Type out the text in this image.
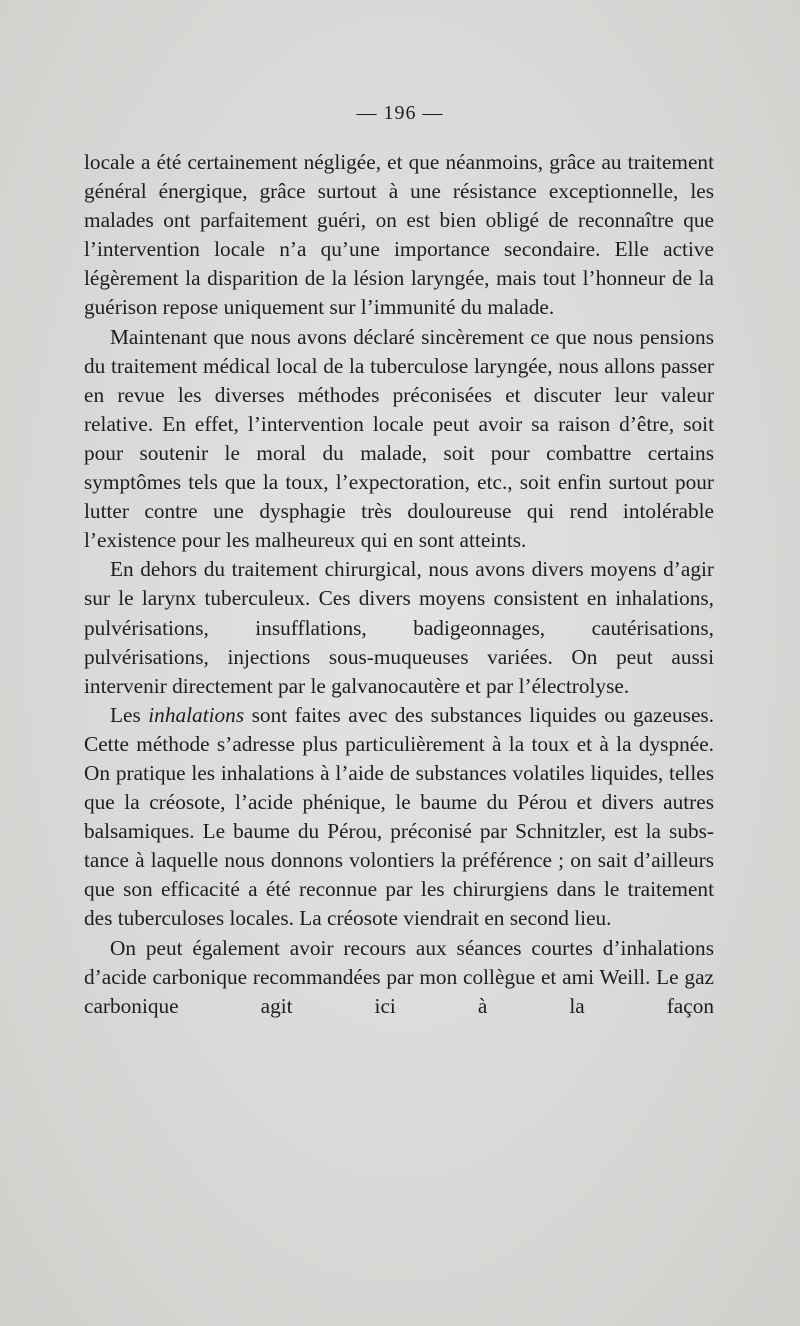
— 196 —

locale a été certainement négligée, et que néanmoins, grâce au traitement général énergique, grâce surtout à une résistance exceptionnelle, les malades ont parfaitement guéri, on est bien obligé de reconnaître que l’intervention locale n’a qu’une importance secondaire. Elle active légèrement la disparition de la lésion laryngée, mais tout l’honneur de la guérison repose uniquement sur l’immunité du malade.

Maintenant que nous avons déclaré sincèrement ce que nous pensions du traitement médical local de la tuberculose laryngée, nous allons passer en revue les diverses méthodes préconisées et discuter leur valeur relative. En effet, l’intervention locale peut avoir sa raison d’être, soit pour soutenir le moral du malade, soit pour combattre certains symptômes tels que la toux, l’expectoration, etc., soit enfin surtout pour lutter contre une dysphagie très douloureuse qui rend intolérable l’existence pour les malheureux qui en sont atteints.

En dehors du traitement chirurgical, nous avons divers moyens d’agir sur le larynx tuberculeux. Ces divers moyens consistent en inhalations, pulvérisations, insufflations, badigeonnages, cautérisations, pulvérisations, injections sous-muqueuses variées. On peut aussi intervenir directement par le galvanocautère et par l’électrolyse.

Les inhalations sont faites avec des substances liquides ou gazeuses. Cette méthode s’adresse plus particulièrement à la toux et à la dyspnée. On pratique les inhalations à l’aide de substances volatiles liquides, telles que la créosote, l’acide phénique, le baume du Pérou et divers autres balsamiques. Le baume du Pérou, préconisé par Schnitzler, est la substance à laquelle nous donnons volontiers la préférence ; on sait d’ailleurs que son efficacité a été reconnue par les chirurgiens dans le traitement des tuberculoses locales. La créosote viendrait en second lieu.

On peut également avoir recours aux séances courtes d’inhalations d’acide carbonique recommandées par mon collègue et ami Weill. Le gaz carbonique agit ici à la façon
